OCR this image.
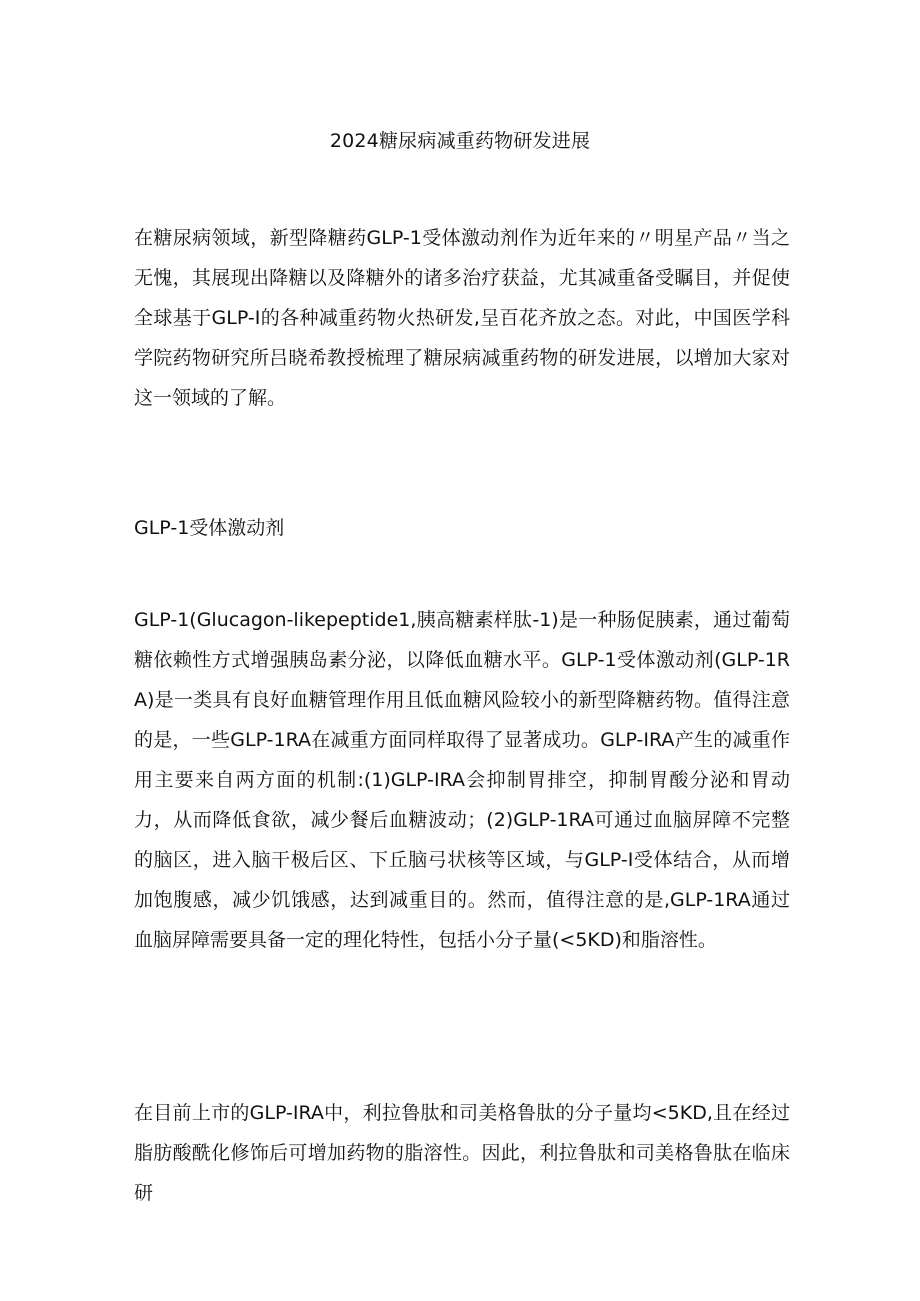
2024糖尿病减重药物研发进展

在糖尿病领域，新型降糖药GLP-1受体激动剂作为近年来的〃明星产品〃当之无愧，其展现出降糖以及降糖外的诸多治疗获益，尤其减重备受瞩目，并促使全球基于GLP-I的各种减重药物火热研发,呈百花齐放之态。对此，中国医学科学院药物研究所吕晓希教授梳理了糖尿病减重药物的研发进展，以增加大家对这一领域的了解。

GLP-1受体激动剂

GLP-1(Glucagon-likepeptide1,胰高糖素样肽-1)是一种肠促胰素，通过葡萄糖依赖性方式增强胰岛素分泌，以降低血糖水平。GLP-1受体激动剂(GLP-1RA)是一类具有良好血糖管理作用且低血糖风险较小的新型降糖药物。值得注意的是，一些GLP-1RA在减重方面同样取得了显著成功。GLP-IRA产生的减重作用主要来自两方面的机制:(1)GLP-IRA会抑制胃排空，抑制胃酸分泌和胃动力，从而降低食欲，减少餐后血糖波动；(2)GLP-1RA可通过血脑屏障不完整的脑区，进入脑干极后区、下丘脑弓状核等区域，与GLP-I受体结合，从而增加饱腹感，减少饥饿感，达到减重目的。然而，值得注意的是,GLP-1RA通过血脑屏障需要具备一定的理化特性，包括小分子量(<5KD)和脂溶性。

在目前上市的GLP-IRA中，利拉鲁肽和司美格鲁肽的分子量均<5KD,且在经过脂肪酸酰化修饰后可增加药物的脂溶性。因此，利拉鲁肽和司美格鲁肽在临床研
